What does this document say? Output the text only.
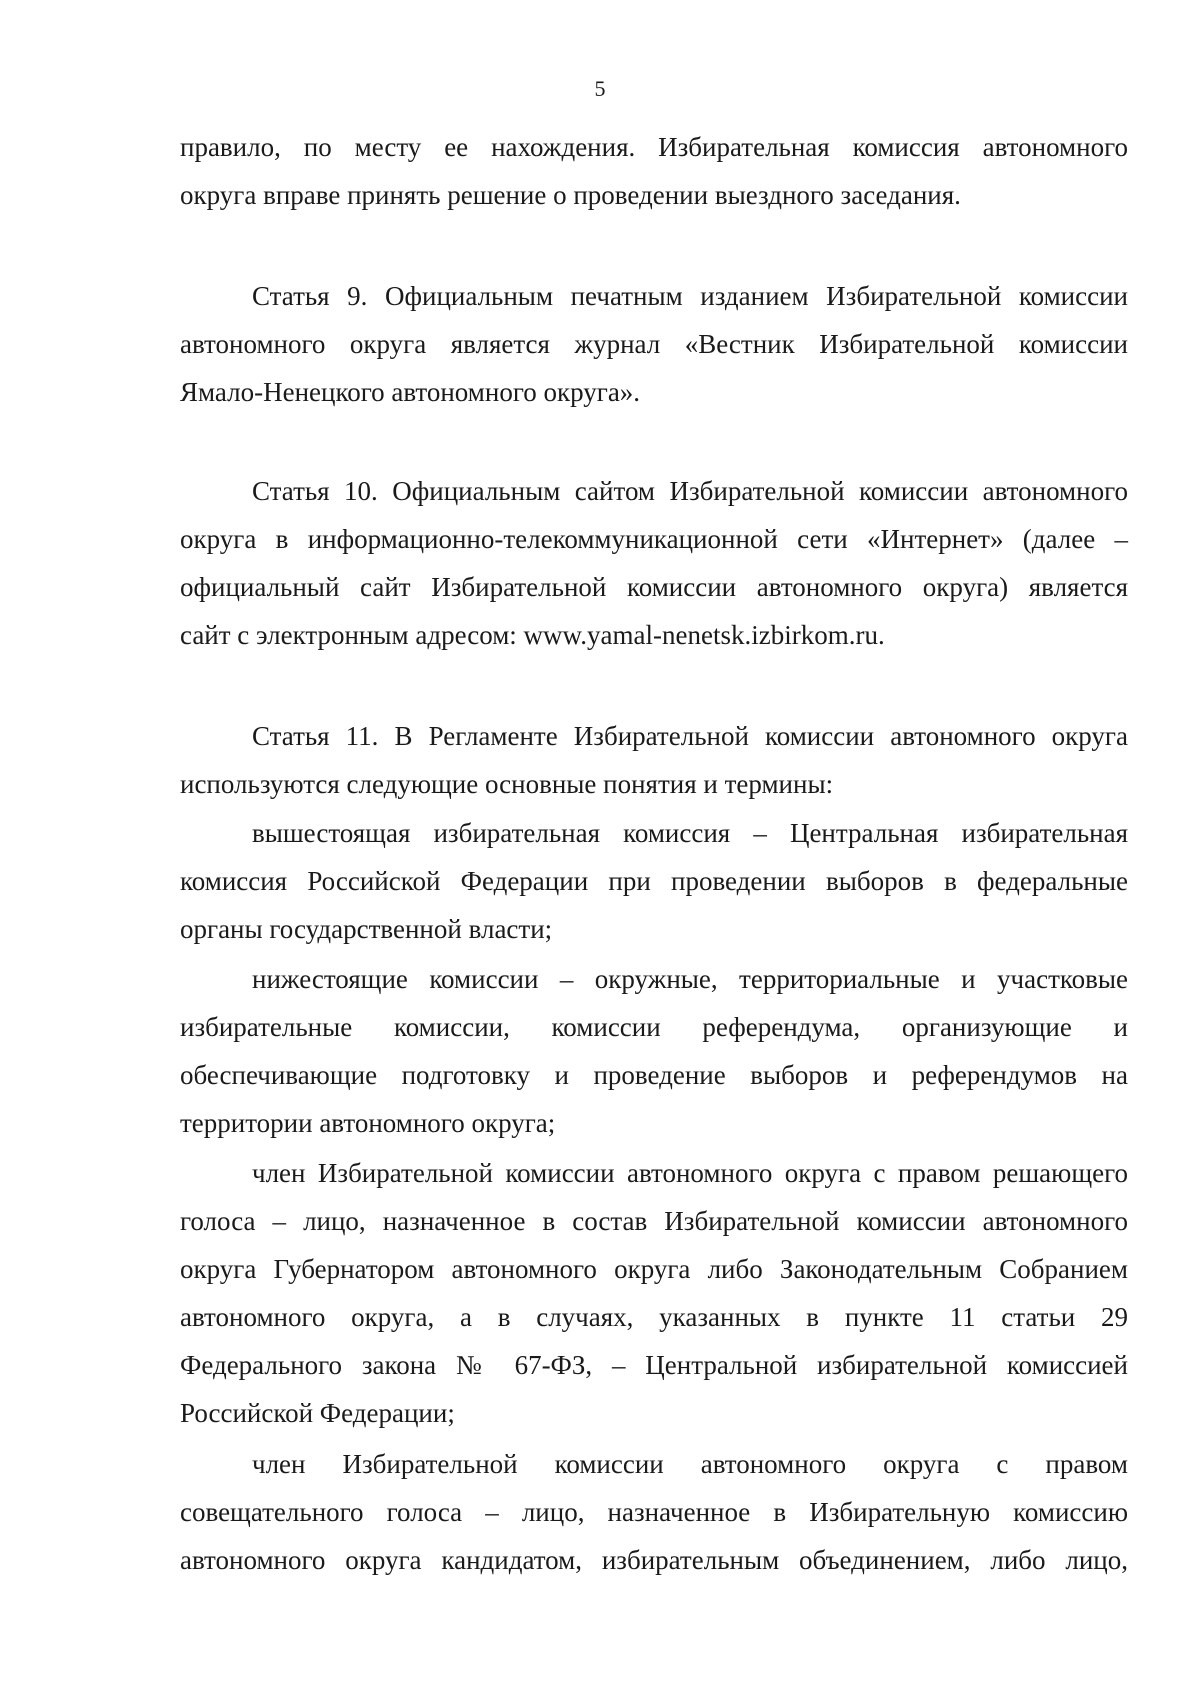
5
правило, по месту ее нахождения. Избирательная комиссия автономного
округа вправе принять решение о проведении выездного заседания.
Статья 9. Официальным печатным изданием Избирательной комиссии
автономного округа является журнал «Вестник Избирательной комиссии
Ямало-Ненецкого автономного округа».
Статья 10. Официальным сайтом Избирательной комиссии автономного
округа в информационно-телекоммуникационной сети «Интернет» (далее –
официальный сайт Избирательной комиссии автономного округа) является
сайт с электронным адресом: www.yamal-nenetsk.izbirkom.ru.
Статья 11. В Регламенте Избирательной комиссии автономного округа
используются следующие основные понятия и термины:
вышестоящая избирательная комиссия – Центральная избирательная
комиссия Российской Федерации при проведении выборов в федеральные
органы государственной власти;
нижестоящие комиссии – окружные, территориальные и участковые
избирательные комиссии, комиссии референдума, организующие и
обеспечивающие подготовку и проведение выборов и референдумов на
территории автономного округа;
член Избирательной комиссии автономного округа с правом решающего
голоса – лицо, назначенное в состав Избирательной комиссии автономного
округа Губернатором автономного округа либо Законодательным Собранием
автономного округа, а в случаях, указанных в пункте 11 статьи 29
Федерального закона № 67-ФЗ, – Центральной избирательной комиссией
Российской Федерации;
член Избирательной комиссии автономного округа с правом
совещательного голоса – лицо, назначенное в Избирательную комиссию
автономного округа кандидатом, избирательным объединением, либо лицо,
